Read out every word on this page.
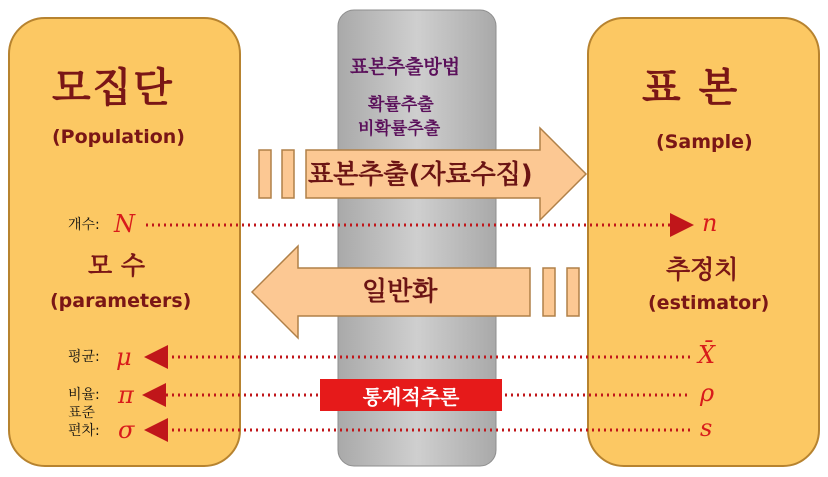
모집단
(Population)
모 수
(parameters)
표 본
(Sample)
추정치
(estimator)
표본추출방법
확률추출
비확률추출
표본추출(자료수집)
일반화
개수:
평균:
비율:
표준
편차:
N
μ
π
σ
n
X̄
ρ
s
통계적추론
